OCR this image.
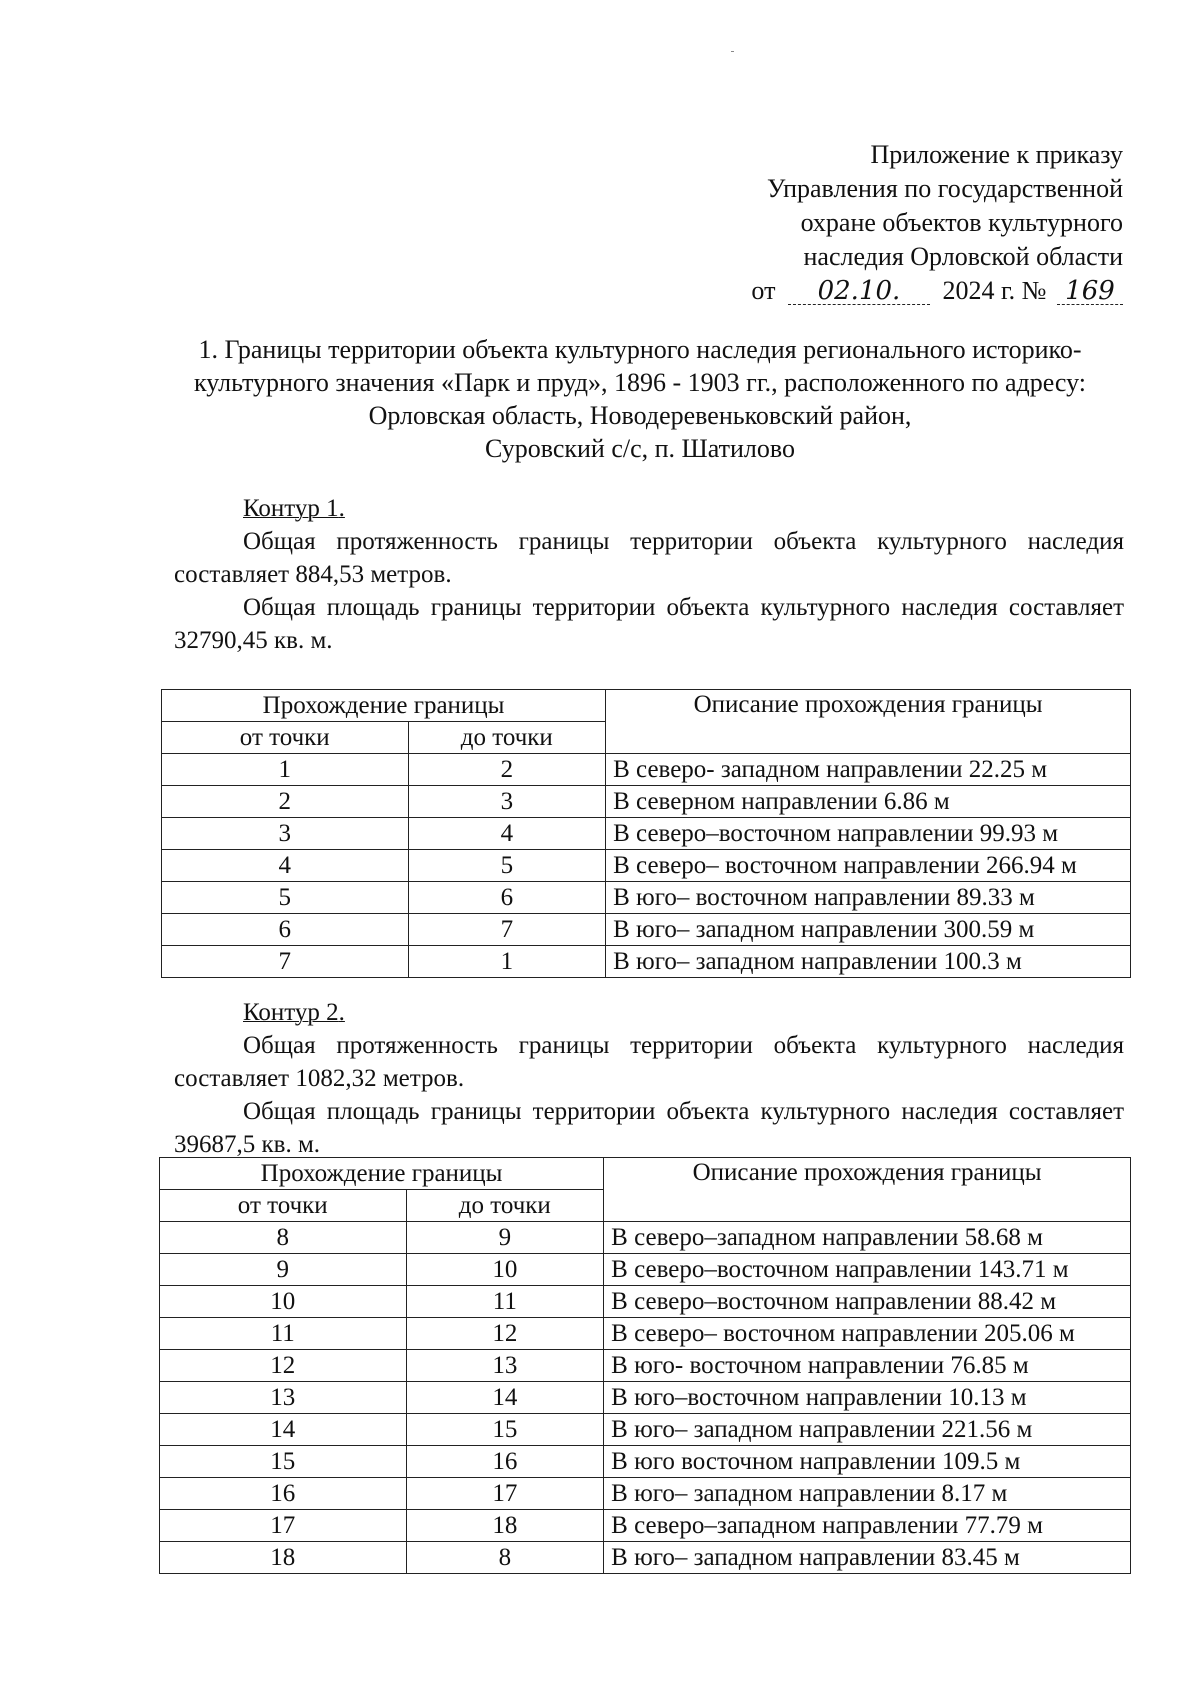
Приложение к приказу
Управления по государственной
охране объектов культурного
наследия Орловской области
от 02.10. 2024 г. № 169
1. Границы территории объекта культурного наследия регионального историко-
культурного значения «Парк и пруд», 1896 - 1903 гг., расположенного по адресу:
Орловская область, Новодеревеньковский район,
Суровский с/с, п. Шатилово
Контур 1.

Общая протяженность границы территории объекта культурного наследия составляет 884,53 метров.

Общая площадь границы территории объекта культурного наследия составляет 32790,45 кв. м.

Прохождение границы		Описание прохождения границы
от точки	до точки	
1	2	В северо- западном направлении 22.25 м
2	3	В северном направлении 6.86 м
3	4	В северо–восточном направлении 99.93 м
4	5	В северо– восточном направлении 266.94 м
5	6	В юго– восточном направлении 89.33 м
6	7	В юго– западном направлении 300.59 м
7	1	В юго– западном направлении 100.3 м
Контур 2.

Общая протяженность границы территории объекта культурного наследия составляет 1082,32 метров.

Общая площадь границы территории объекта культурного наследия составляет 39687,5 кв. м.

Прохождение границы		Описание прохождения границы
от точки	до точки	
8	9	В северо–западном направлении 58.68 м
9	10	В северо–восточном направлении 143.71 м
10	11	В северо–восточном направлении 88.42 м
11	12	В северо– восточном направлении 205.06 м
12	13	В юго- восточном направлении 76.85 м
13	14	В юго–восточном направлении 10.13 м
14	15	В юго– западном направлении 221.56 м
15	16	В юго восточном направлении 109.5 м
16	17	В юго– западном направлении 8.17 м
17	18	В северо–западном направлении 77.79 м
18	8	В юго– западном направлении 83.45 м
